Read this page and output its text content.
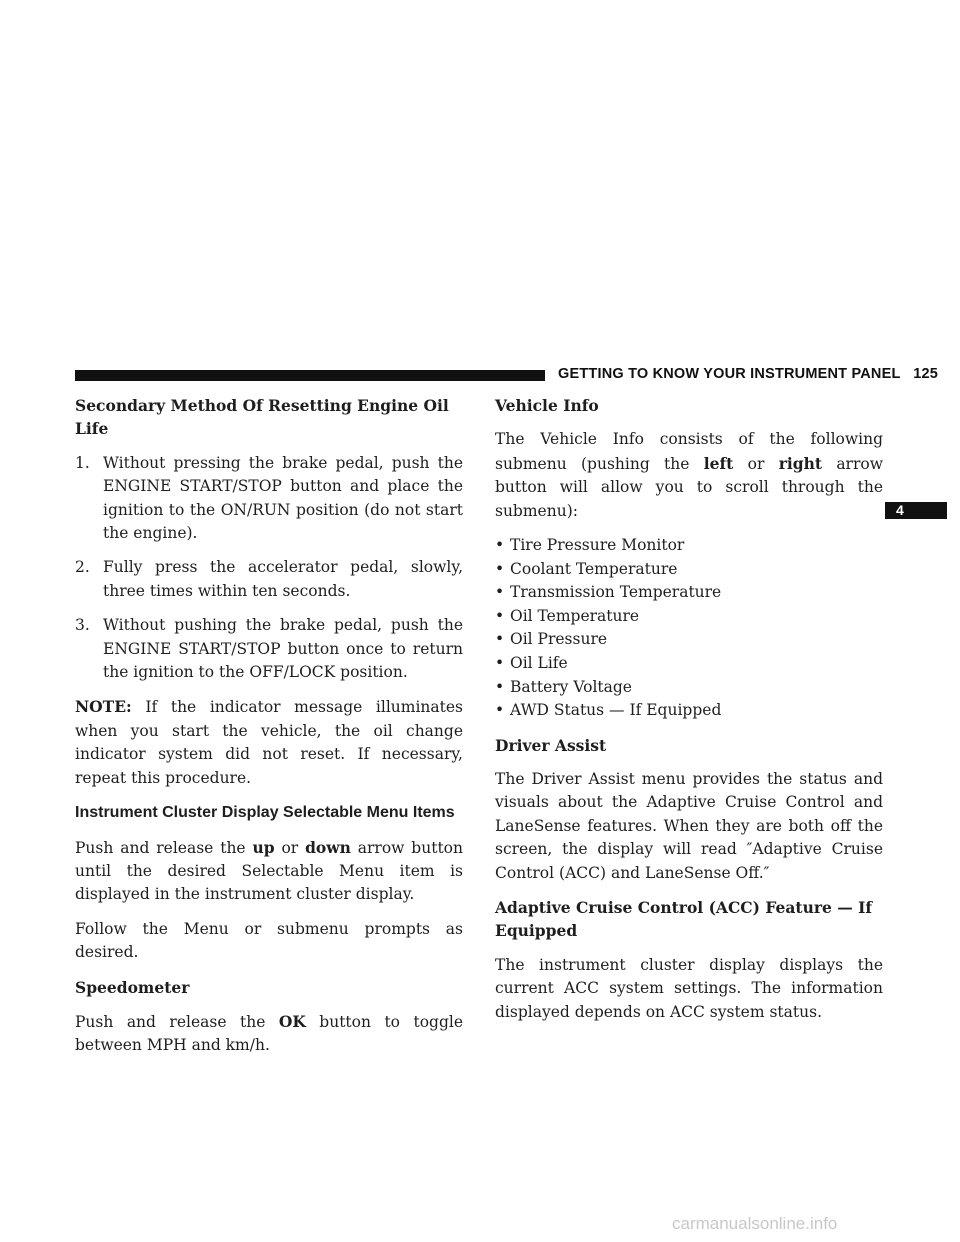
GETTING TO KNOW YOUR INSTRUMENT PANEL 125
4
Secondary Method Of Resetting Engine Oil Life
1. Without pressing the brake pedal, push the ENGINE START/STOP button and place the ignition to the ON/RUN position (do not start the engine).
2. Fully press the accelerator pedal, slowly, three times within ten seconds.
3. Without pushing the brake pedal, push the ENGINE START/STOP button once to return the ignition to the OFF/LOCK position.

NOTE: If the indicator message illuminates when you start the vehicle, the oil change indicator system did not reset. If necessary, repeat this procedure.

Instrument Cluster Display Selectable Menu Items

Push and release the up or down arrow button until the desired Selectable Menu item is displayed in the instrument cluster display.

Follow the Menu or submenu prompts as desired.

Speedometer

Push and release the OK button to toggle between MPH and km/h.

Vehicle Info

The Vehicle Info consists of the following submenu (pushing the left or right arrow button will allow you to scroll through the submenu):

• Tire Pressure Monitor
• Coolant Temperature
• Transmission Temperature
• Oil Temperature
• Oil Pressure
• Oil Life
• Battery Voltage
• AWD Status — If Equipped
Driver Assist

The Driver Assist menu provides the status and visuals about the Adaptive Cruise Control and LaneSense features. When they are both off the screen, the display will read ″Adaptive Cruise Control (ACC) and LaneSense Off.″

Adaptive Cruise Control (ACC) Feature — If Equipped

The instrument cluster display displays the current ACC system settings. The information displayed depends on ACC system status.

carmanualsonline.info
